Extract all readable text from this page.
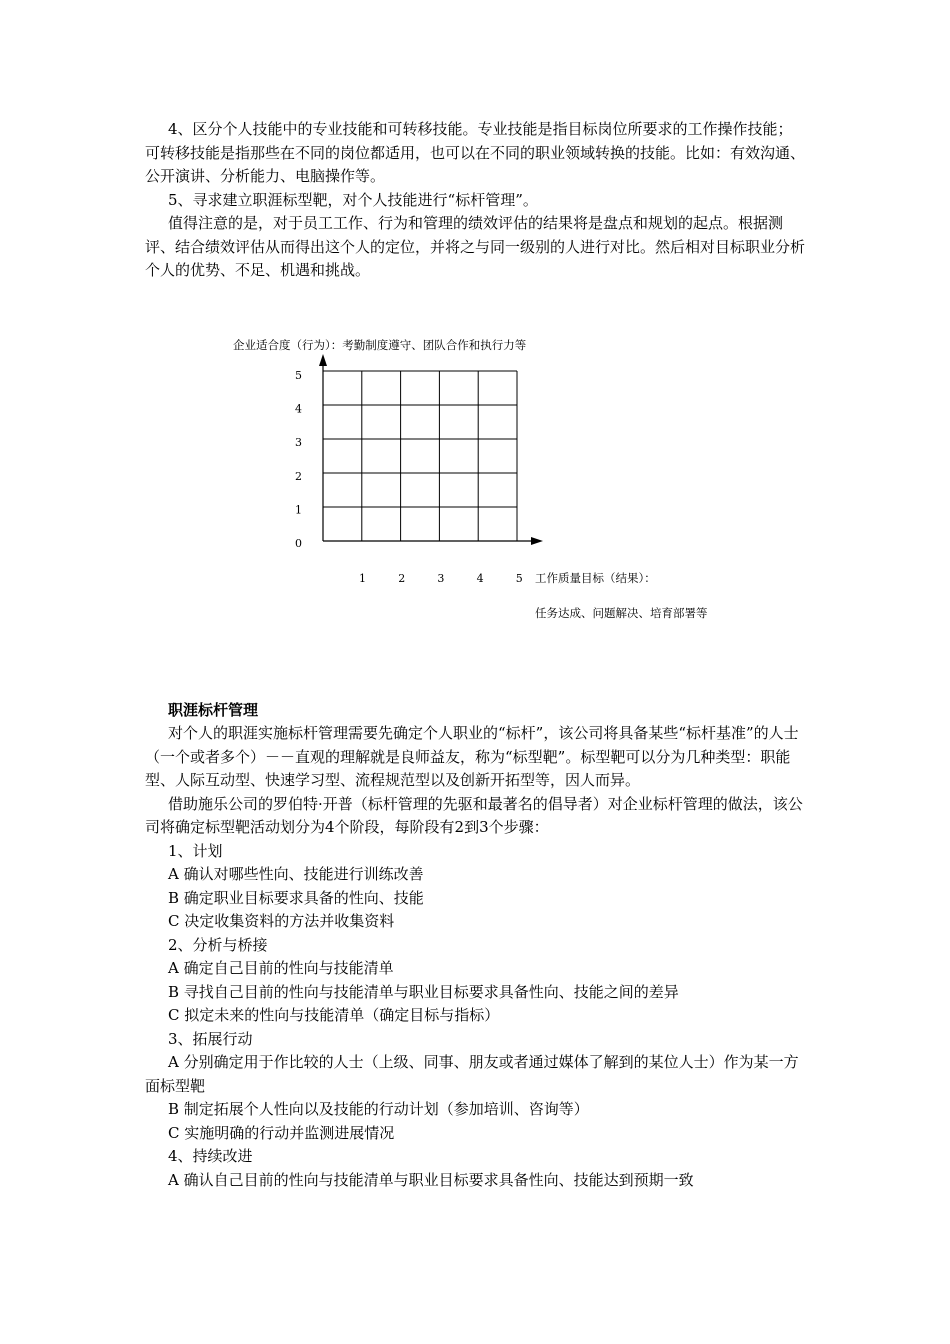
4、区分个人技能中的专业技能和可转移技能。专业技能是指目标岗位所要求的工作操作技能；可转移技能是指那些在不同的岗位都适用，也可以在不同的职业领域转换的技能。比如：有效沟通、公开演讲、分析能力、电脑操作等。

5、寻求建立职涯标型靶，对个人技能进行“标杆管理”。

值得注意的是，对于员工工作、行为和管理的绩效评估的结果将是盘点和规划的起点。根据测评、结合绩效评估从而得出这个人的定位，并将之与同一级别的人进行对比。然后相对目标职业分析个人的优势、不足、机遇和挑战。

企业适合度（行为）：考勤制度遵守、团队合作和执行力等
0
1
2
3
4
5
1	2	3	4	5 工作质量目标（结果）：
任务达成、问题解决、培育部署等

职涯标杆管理

对个人的职涯实施标杆管理需要先确定个人职业的“标杆”，该公司将具备某些“标杆基准”的人士（一个或者多个）－－直观的理解就是良师益友，称为“标型靶”。标型靶可以分为几种类型：职能型、人际互动型、快速学习型、流程规范型以及创新开拓型等，因人而异。

借助施乐公司的罗伯特·开普（标杆管理的先驱和最著名的倡导者）对企业标杆管理的做法，该公司将确定标型靶活动划分为4个阶段，每阶段有2到3个步骤：

1、计划

A 确认对哪些性向、技能进行训练改善

B 确定职业目标要求具备的性向、技能

C 决定收集资料的方法并收集资料

2、分析与桥接

A 确定自己目前的性向与技能清单

B 寻找自己目前的性向与技能清单与职业目标要求具备性向、技能之间的差异

C 拟定未来的性向与技能清单（确定目标与指标）

3、拓展行动

A 分别确定用于作比较的人士（上级、同事、朋友或者通过媒体了解到的某位人士）作为某一方面标型靶

B 制定拓展个人性向以及技能的行动计划（参加培训、咨询等）

C 实施明确的行动并监测进展情况

4、持续改进

A 确认自己目前的性向与技能清单与职业目标要求具备性向、技能达到预期一致
